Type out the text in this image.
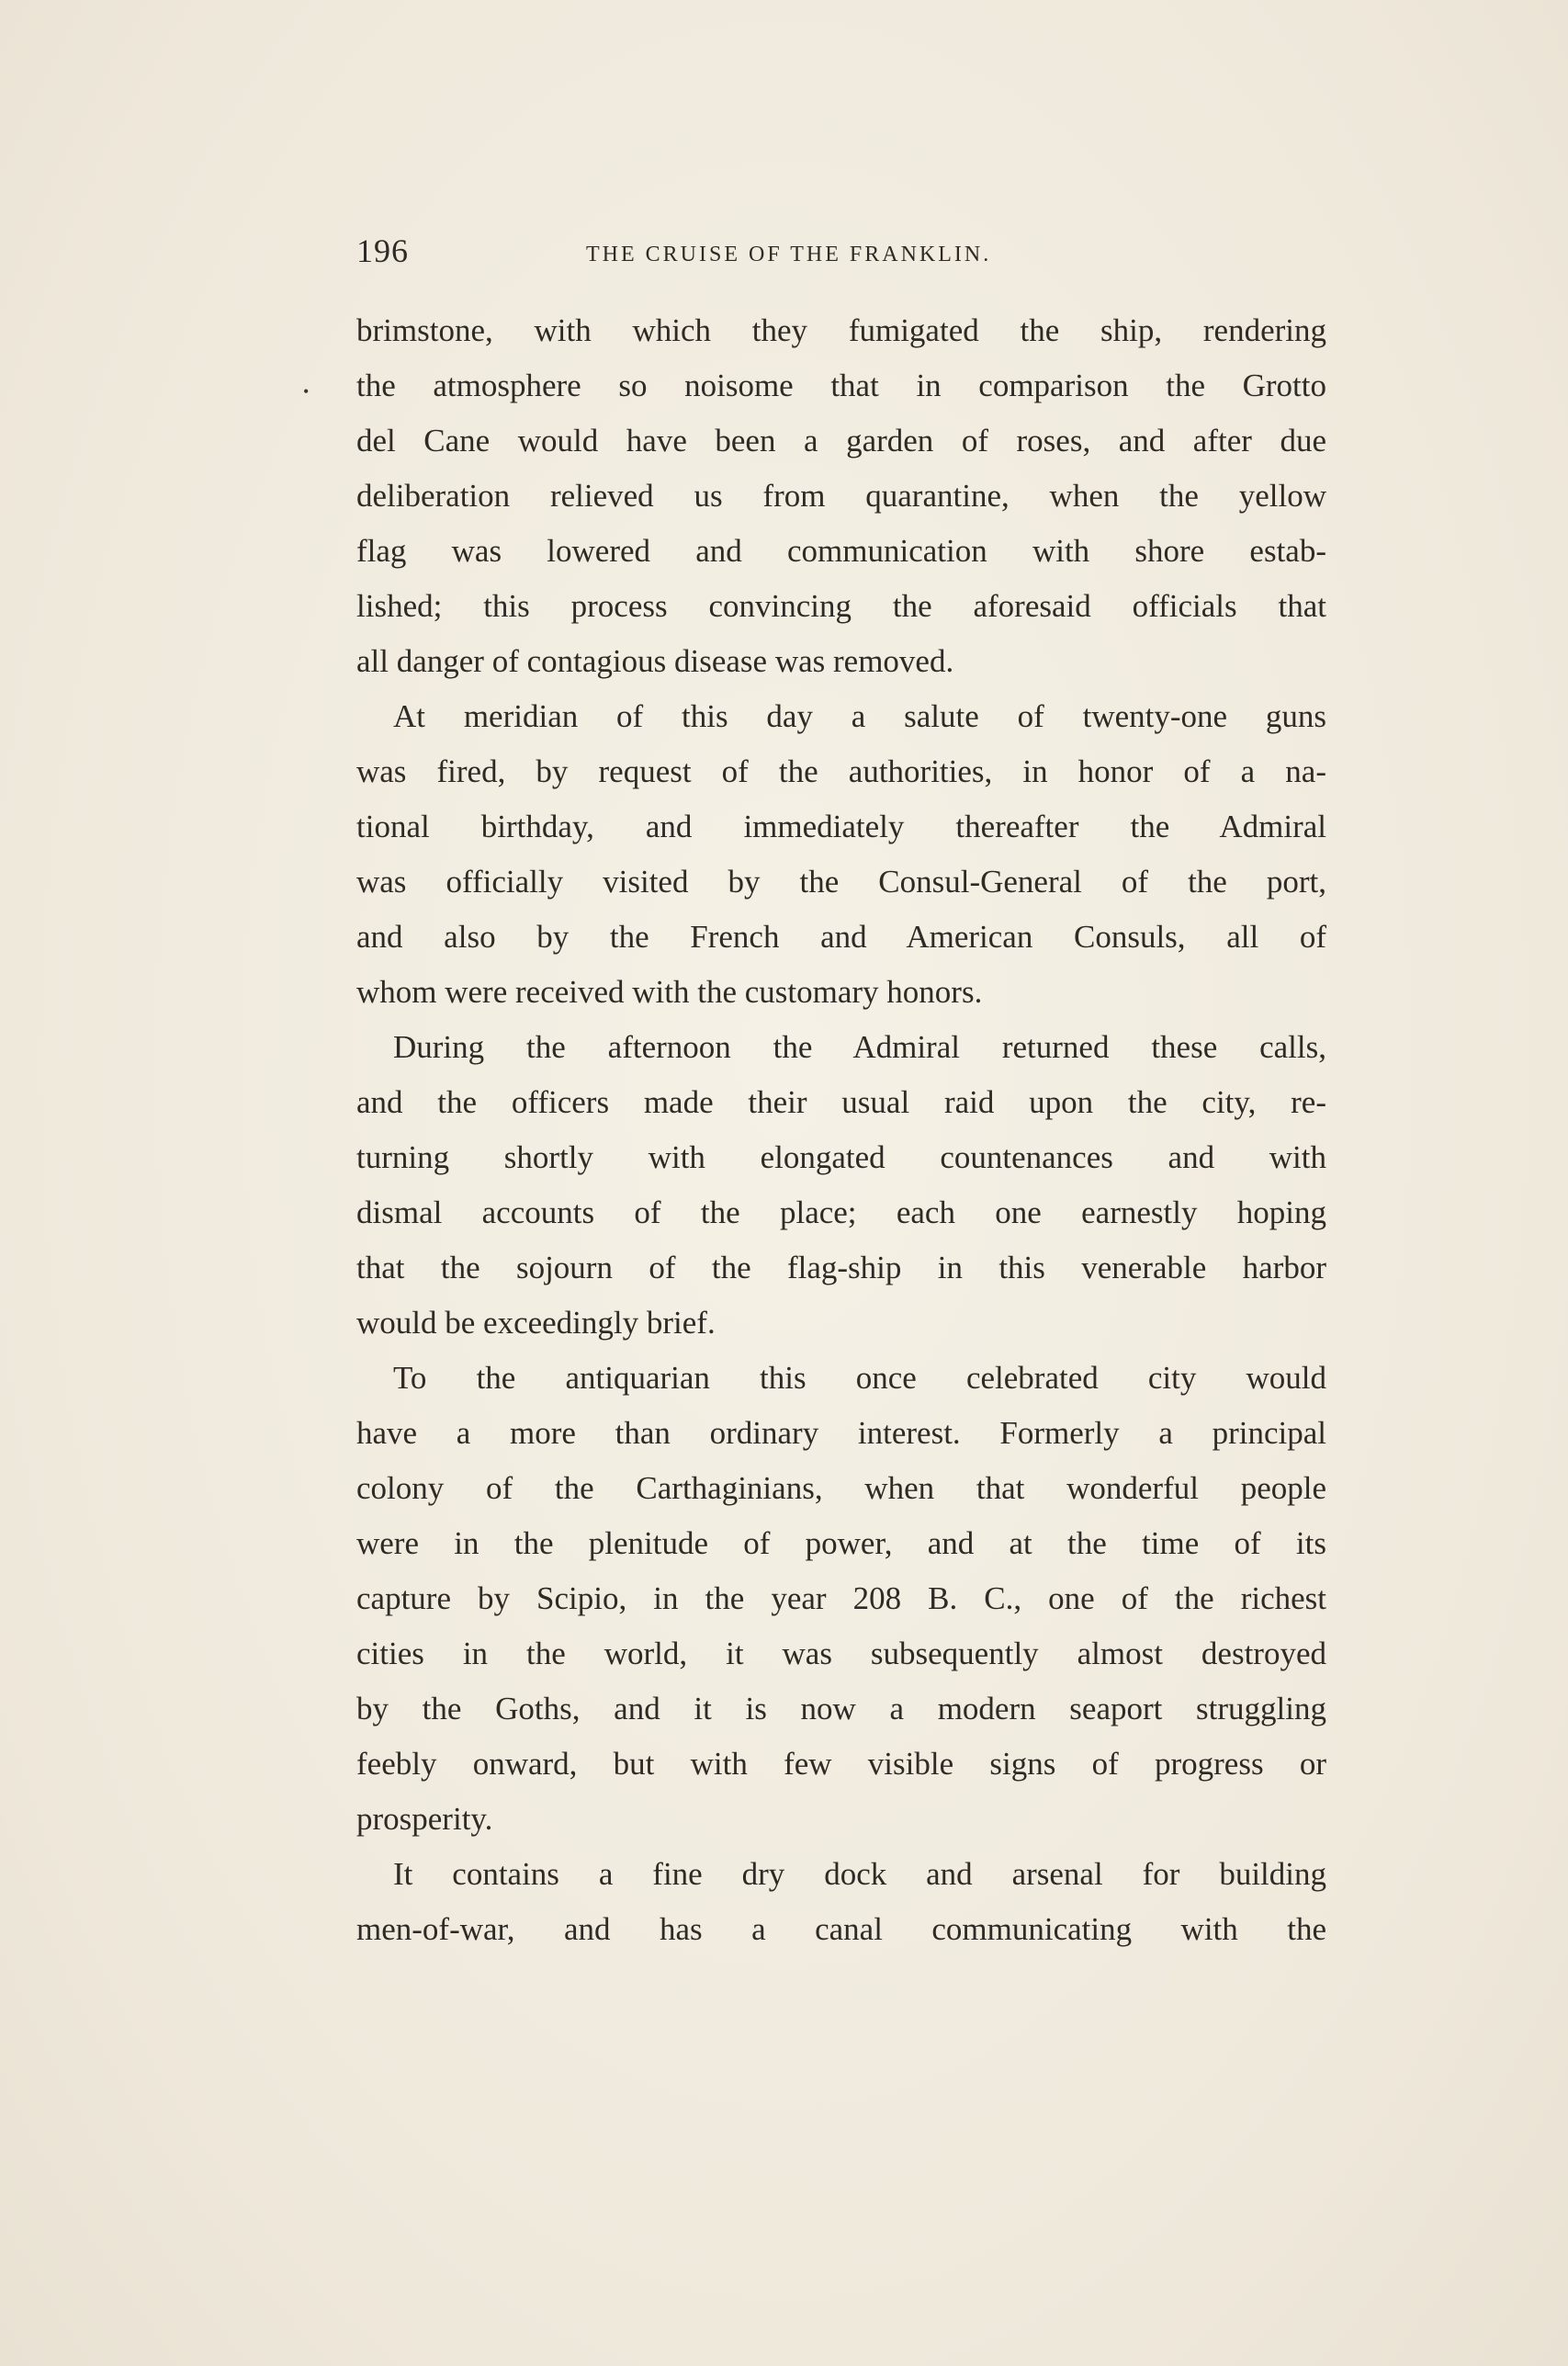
196	THE CRUISE OF THE FRANKLIN.
•
brimstone, with which they fumigated the ship, rendering
the atmosphere so noisome that in comparison the Grotto
del Cane would have been a garden of roses, and after due
deliberation relieved us from quarantine, when the yellow
flag was lowered and communication with shore estab-
lished; this process convincing the aforesaid officials that
all danger of contagious disease was removed.
At meridian of this day a salute of twenty-one guns
was fired, by request of the authorities, in honor of a na-
tional birthday, and immediately thereafter the Admiral
was officially visited by the Consul-General of the port,
and also by the French and American Consuls, all of
whom were received with the customary honors.
During the afternoon the Admiral returned these calls,
and the officers made their usual raid upon the city, re-
turning shortly with elongated countenances and with
dismal accounts of the place; each one earnestly hoping
that the sojourn of the flag-ship in this venerable harbor
would be exceedingly brief.
To the antiquarian this once celebrated city would
have a more than ordinary interest. Formerly a principal
colony of the Carthaginians, when that wonderful people
were in the plenitude of power, and at the time of its
capture by Scipio, in the year 208 B. C., one of the richest
cities in the world, it was subsequently almost destroyed
by the Goths, and it is now a modern seaport struggling
feebly onward, but with few visible signs of progress or
prosperity.
It contains a fine dry dock and arsenal for building
men-of-war, and has a canal communicating with the
